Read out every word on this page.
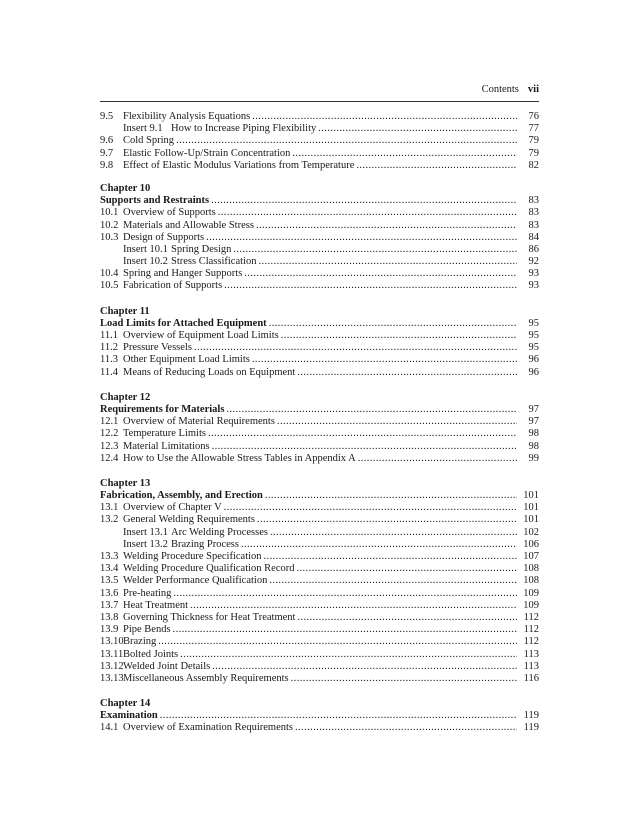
Contents vii
9.5 Flexibility Analysis Equations .....	76
Insert 9.1 How to Increase Piping Flexibility .....	77
9.6 Cold Spring .....	79
9.7 Elastic Follow-Up/Strain Concentration .....	79
9.8 Effect of Elastic Modulus Variations from Temperature .....	82
Chapter 10
Supports and Restraints .....	83
10.1 Overview of Supports .....	83
10.2 Materials and Allowable Stress .....	83
10.3 Design of Supports .....	84
Insert 10.1 Spring Design .....	86
Insert 10.2 Stress Classification .....	92
10.4 Spring and Hanger Supports .....	93
10.5 Fabrication of Supports .....	93
Chapter 11
Load Limits for Attached Equipment .....	95
11.1 Overview of Equipment Load Limits .....	95
11.2 Pressure Vessels .....	95
11.3 Other Equipment Load Limits .....	96
11.4 Means of Reducing Loads on Equipment .....	96
Chapter 12
Requirements for Materials .....	97
12.1 Overview of Material Requirements .....	97
12.2 Temperature Limits .....	98
12.3 Material Limitations .....	98
12.4 How to Use the Allowable Stress Tables in Appendix A .....	99
Chapter 13
Fabrication, Assembly, and Erection .....	101
13.1 Overview of Chapter V .....	101
13.2 General Welding Requirements .....	101
Insert 13.1 Arc Welding Processes .....	102
Insert 13.2 Brazing Process .....	106
13.3 Welding Procedure Specification .....	107
13.4 Welding Procedure Qualification Record .....	108
13.5 Welder Performance Qualification .....	108
13.6 Pre-heating .....	109
13.7 Heat Treatment .....	109
13.8 Governing Thickness for Heat Treatment .....	112
13.9 Pipe Bends .....	112
13.10 Brazing .....	112
13.11 Bolted Joints .....	113
13.12 Welded Joint Details .....	113
13.13 Miscellaneous Assembly Requirements .....	116
Chapter 14
Examination .....	119
14.1 Overview of Examination Requirements .....	119
